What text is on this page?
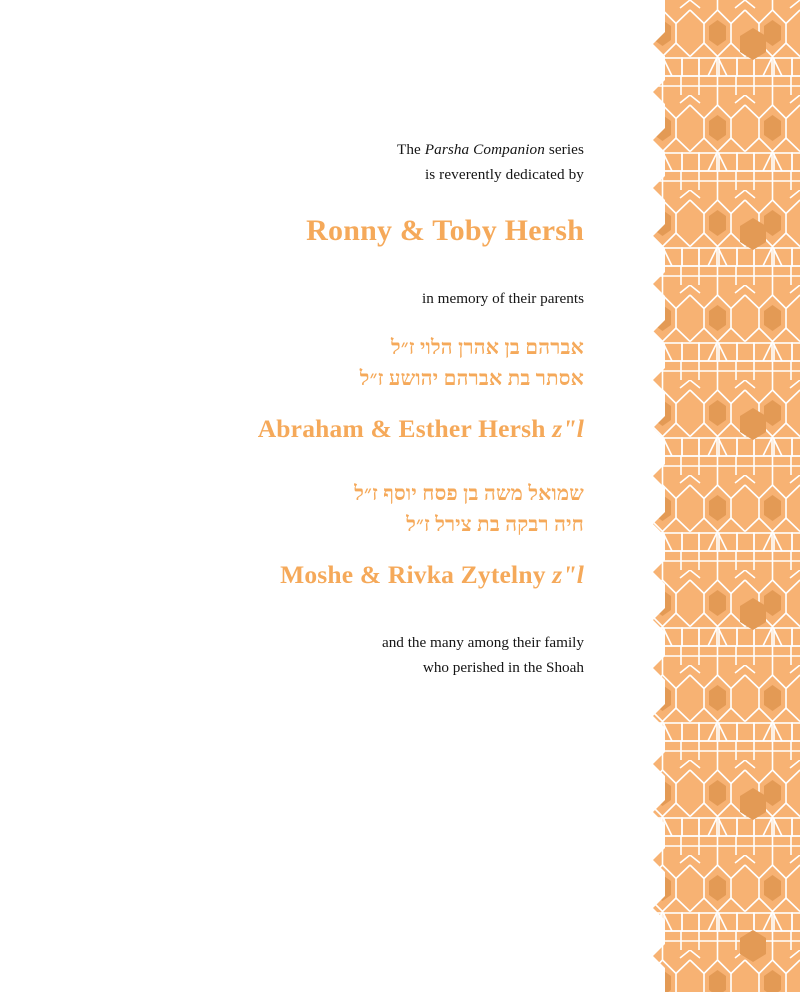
The Parsha Companion series
is reverently dedicated by
Ronny & Toby Hersh
in memory of their parents
אברהם בן אהרן הלוי ז״ל
אסתר בת אברהם יהושע ז״ל
Abraham & Esther Hersh z"l
שמואל משה בן פסח יוסף ז״ל
חיה רבקה בת צירל ז״ל
Moshe & Rivka Zytelny z"l
and the many among their family
who perished in the Shoah
